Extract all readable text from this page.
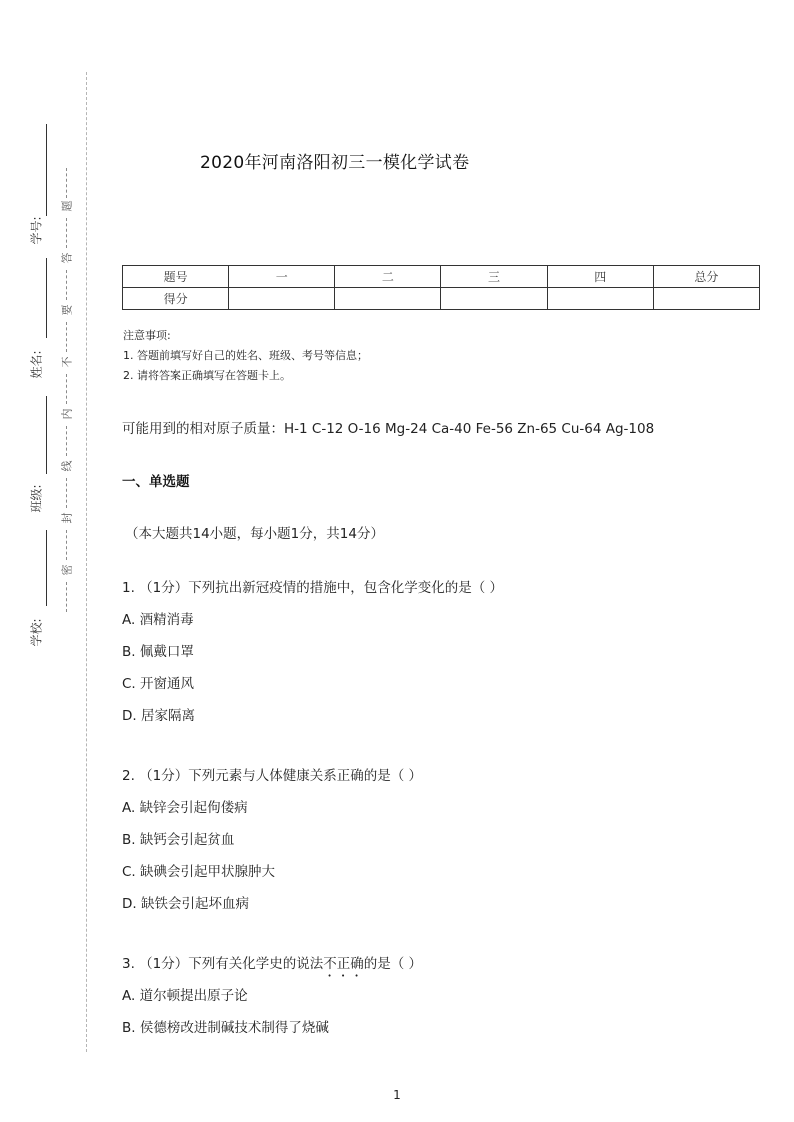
学号:
姓名:
班级:
学校:
题
答
要
不
内
线
封
密
2020年河南洛阳初三一模化学试卷
题号	一	二	三	四	总分
得分					
注意事项:
1. 答题前填写好自己的姓名、班级、考号等信息；
2. 请将答案正确填写在答题卡上。
可能用到的相对原子质量：H-1 C-12 O-16 Mg-24 Ca-40 Fe-56 Zn-65 Cu-64 Ag-108
一、单选题
（本大题共14小题，每小题1分，共14分）
1. （1分）下列抗出新冠疫情的措施中，包含化学变化的是（ ）
A. 酒精消毒
B. 佩戴口罩
C. 开窗通风
D. 居家隔离
2. （1分）下列元素与人体健康关系正确的是（ ）
A. 缺锌会引起佝偻病
B. 缺钙会引起贫血
C. 缺碘会引起甲状腺肿大
D. 缺铁会引起坏血病
3. （1分）下列有关化学史的说法不正确的是（ ）
A. 道尔顿提出原子论
B. 侯德榜改进制碱技术制得了烧碱
1
